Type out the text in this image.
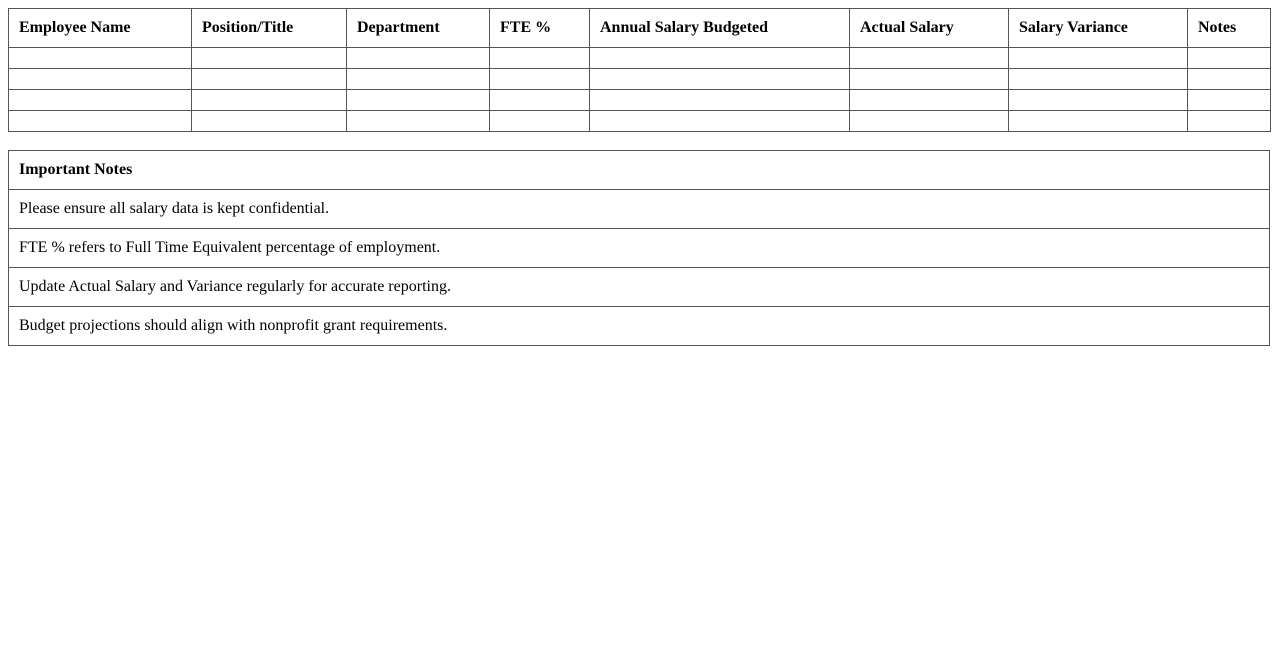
Employee Name	Position/Title	Department	FTE %	Annual Salary Budgeted	Actual Salary	Salary Variance	Notes

Important Notes
Please ensure all salary data is kept confidential.
FTE % refers to Full Time Equivalent percentage of employment.
Update Actual Salary and Variance regularly for accurate reporting.
Budget projections should align with nonprofit grant requirements.
